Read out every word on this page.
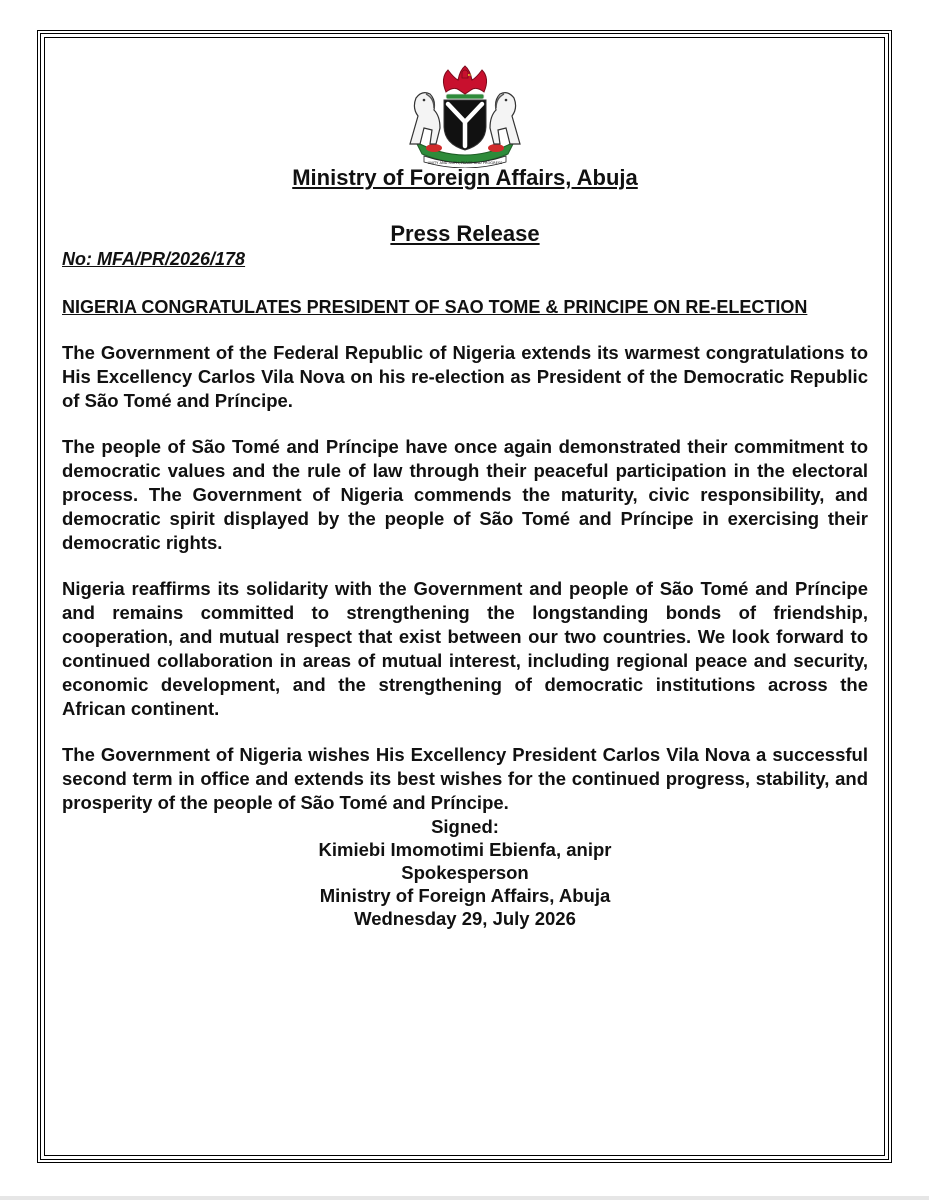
UNITY AND FAITH, PEACE AND PROGRESS

Ministry of Foreign Affairs, Abuja

Press Release

No: MFA/PR/2026/178

NIGERIA CONGRATULATES PRESIDENT OF SAO TOME & PRINCIPE ON RE-ELECTION

The Government of the Federal Republic of Nigeria extends its warmest congratulations to His Excellency Carlos Vila Nova on his re-election as President of the Democratic Republic of São Tomé and Príncipe.

The people of São Tomé and Príncipe have once again demonstrated their commitment to democratic values and the rule of law through their peaceful participation in the electoral process. The Government of Nigeria commends the maturity, civic responsibility, and democratic spirit displayed by the people of São Tomé and Príncipe in exercising their democratic rights.

Nigeria reaffirms its solidarity with the Government and people of São Tomé and Príncipe and remains committed to strengthening the longstanding bonds of friendship, cooperation, and mutual respect that exist between our two countries. We look forward to continued collaboration in areas of mutual interest, including regional peace and security, economic development, and the strengthening of democratic institutions across the African continent.

The Government of Nigeria wishes His Excellency President Carlos Vila Nova a successful second term in office and extends its best wishes for the continued progress, stability, and prosperity of the people of São Tomé and Príncipe.

Signed:

Kimiebi Imomotimi Ebienfa, anipr

Spokesperson

Ministry of Foreign Affairs, Abuja

Wednesday 29, July 2026
